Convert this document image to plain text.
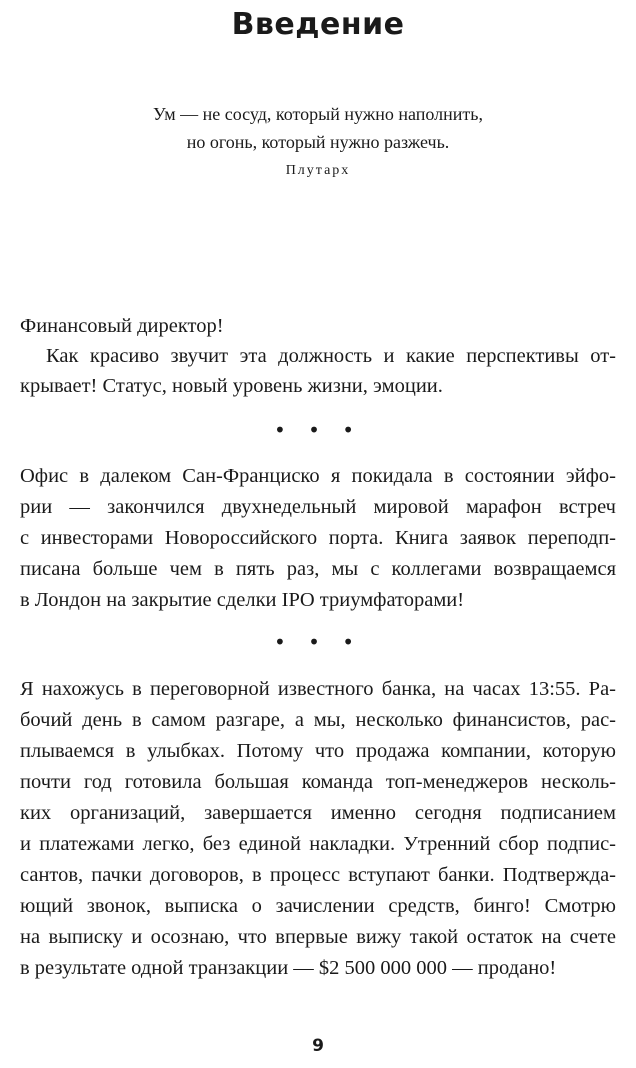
Введение
Ум — не сосуд, который нужно наполнить,
но огонь, который нужно разжечь.
Плутарх
Финансовый директор!
Как красиво звучит эта должность и какие перспективы от-
крывает! Статус, новый уровень жизни, эмоции.
• • •
Офис в далеком Сан-Франциско я покидала в состоянии эйфо-
рии — закончился двухнедельный мировой марафон встреч
с инвесторами Новороссийского порта. Книга заявок переподп-
писана больше чем в пять раз, мы с коллегами возвращаемся
в Лондон на закрытие сделки IPO триумфаторами!
• • •
Я нахожусь в переговорной известного банка, на часах 13:55. Ра-
бочий день в самом разгаре, а мы, несколько финансистов, рас-
плываемся в улыбках. Потому что продажа компании, которую
почти год готовила большая команда топ-менеджеров несколь-
ких организаций, завершается именно сегодня подписанием
и платежами легко, без единой накладки. Утренний сбор подпис-
сантов, пачки договоров, в процесс вступают банки. Подтвержда-
ющий звонок, выписка о зачислении средств, бинго! Смотрю
на выписку и осознаю, что впервые вижу такой остаток на счете
в результате одной транзакции — $2 500 000 000 — продано!
9
